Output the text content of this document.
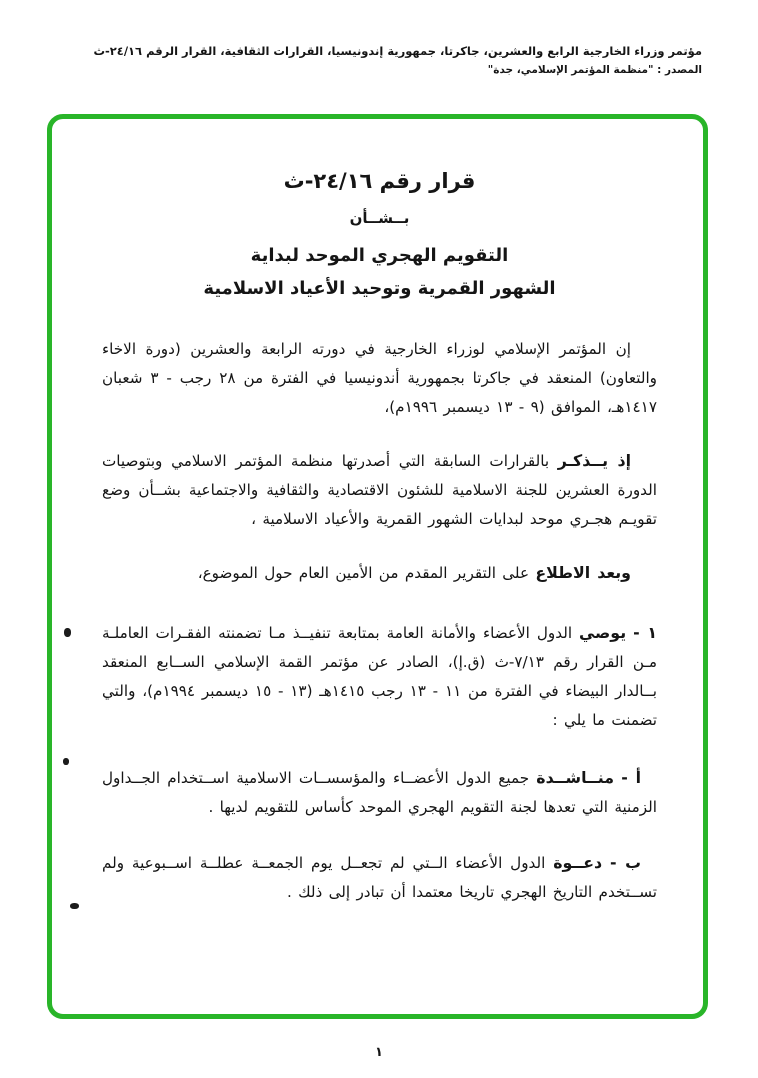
مؤتمر وزراء الخارجية الرابع والعشرين، جاكرتا، جمهورية إندونيسيا، القرارات الثقافية، القرار الرقم ٢٤/١٦-ث
المصدر : "منظمة المؤتمر الإسلامي، جدة"
قرار رقم ٢٤/١٦-ث
بــشــأن
التقويم الهجري الموحد لبداية
الشهور القمرية وتوحيد الأعياد الاسلامية

إن المؤتمر الإسلامي لوزراء الخارجية في دورته الرابعة والعشرين (دورة الاخاء والتعاون) المنعقد في جاكرتا بجمهورية أندونيسيا في الفترة من ٢٨ رجب - ٣ شعبان ١٤١٧هـ، الموافق (٩ - ١٣ ديسمبر ١٩٩٦م)،

إذ يــذكـر بالقرارات السابقة التي أصدرتها منظمة المؤتمر الاسلامي وبتوصيات الدورة العشرين للجنة الاسلامية للشئون الاقتصادية والثقافية والاجتماعية بشــأن وضع تقويـم هجـري موحد لبدايات الشهور القمرية والأعياد الاسلامية ،

وبعد الاطلاع على التقرير المقدم من الأمين العام حول الموضوع،

١ - يوصي الدول الأعضاء والأمانة العامة بمتابعة تنفيــذ مـا تضمنته الفقـرات العاملـة مـن القرار رقم ٧/١٣-ث (ق.إ)، الصادر عن مؤتمر القمة الإسلامي الســابع المنعقد بــالدار البيضاء في الفترة من ١١ - ١٣ رجب ١٤١٥هـ (١٣ - ١٥ ديسمبر ١٩٩٤م)، والتي تضمنت ما يلي :

أ - منــاشــدة جميع الدول الأعضــاء والمؤسســات الاسلامية اســتخدام الجــداول الزمنية التي تعدها لجنة التقويم الهجري الموحد كأساس للتقويم لديها .

ب - دعــوة الدول الأعضاء الــتي لم تجعــل يوم الجمعــة عطلــة اســبوعية ولم تســتخدم التاريخ الهجري تاريخا معتمدا أن تبادر إلى ذلك .

١
